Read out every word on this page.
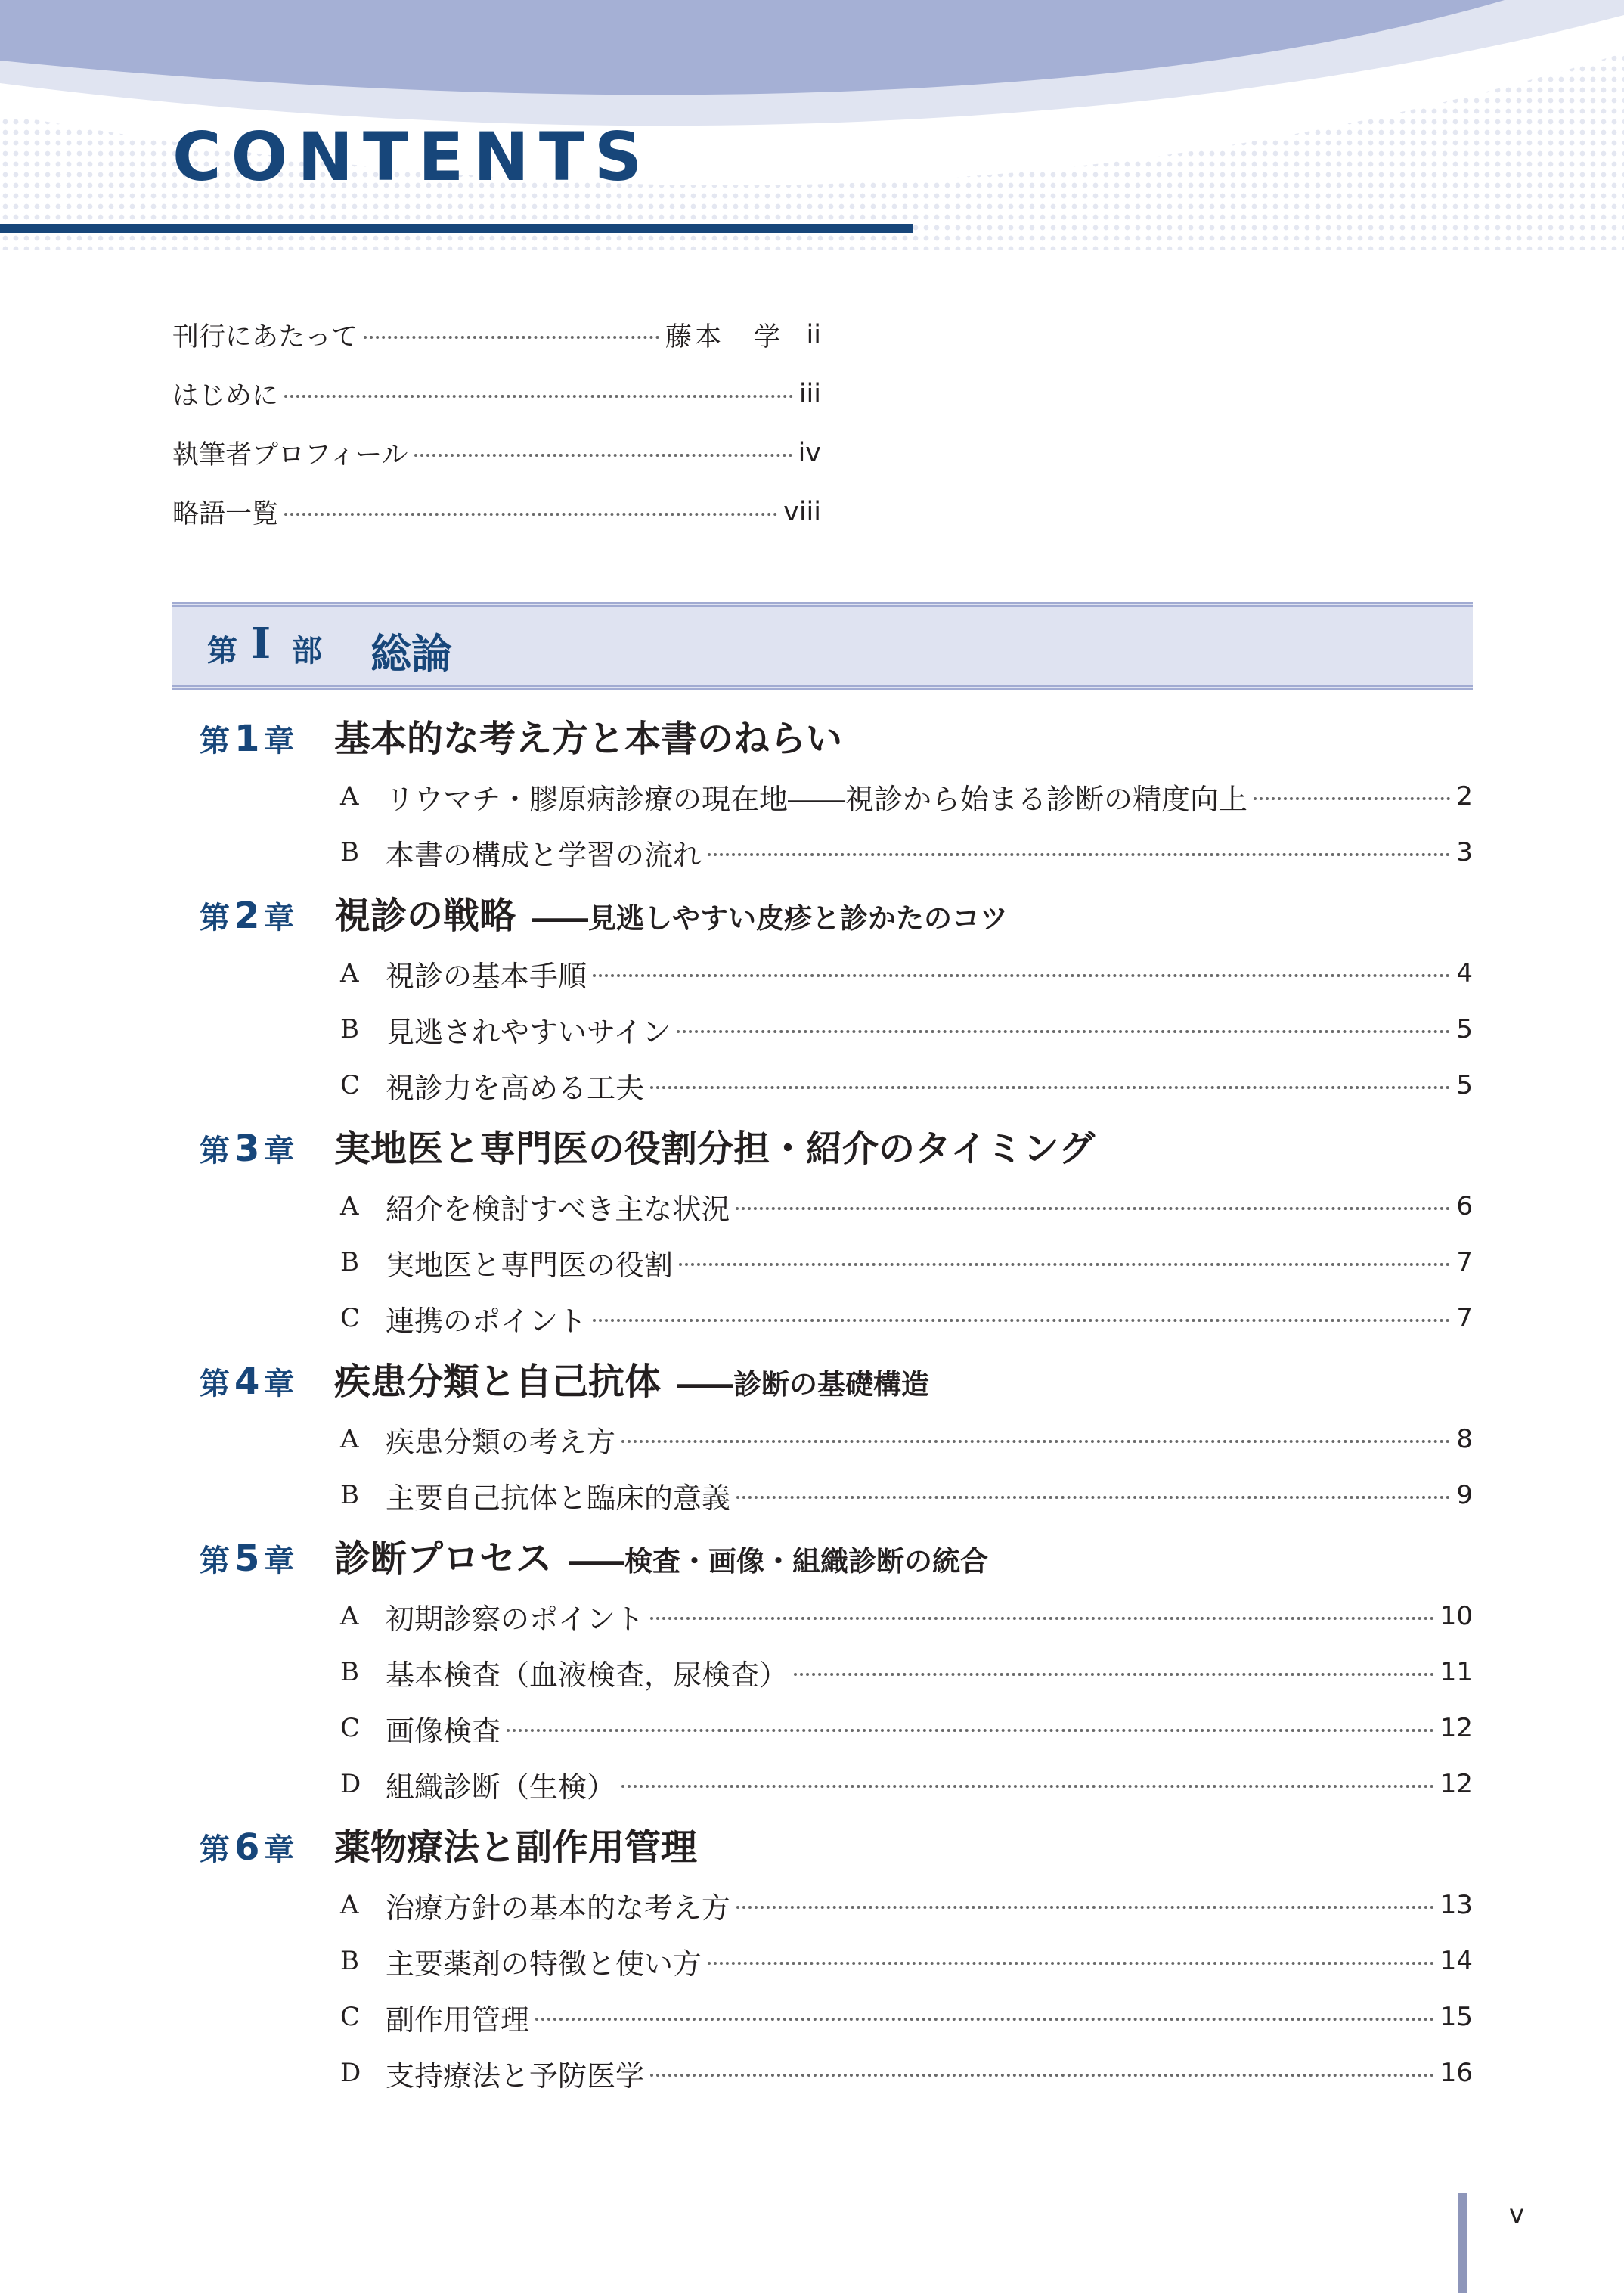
CONTENTS
刊行にあたって	藤本　学 ii
はじめに	iii
執筆者プロフィール	iv
略語一覧	viii
第 I 部 総論
第 1 章	基本的な考え方と本書のねらい
A リウマチ・膠原病診療の現在地――視診から始まる診断の精度向上	2
B 本書の構成と学習の流れ	3
第 2 章	視診の戦略 ――見逃しやすい皮疹と診かたのコツ
A 視診の基本手順	4
B 見逃されやすいサイン	5
C 視診力を高める工夫	5
第 3 章	実地医と専門医の役割分担・紹介のタイミング
A 紹介を検討すべき主な状況	6
B 実地医と専門医の役割	7
C 連携のポイント	7
第 4 章	疾患分類と自己抗体 ――診断の基礎構造
A 疾患分類の考え方	8
B 主要自己抗体と臨床的意義	9
第 5 章	診断プロセス ――検査・画像・組織診断の統合
A 初期診察のポイント	10
B 基本検査（血液検査，尿検査）	11
C 画像検査	12
D 組織診断（生検）	12
第 6 章	薬物療法と副作用管理
A 治療方針の基本的な考え方	13
B 主要薬剤の特徴と使い方	14
C 副作用管理	15
D 支持療法と予防医学	16
v
